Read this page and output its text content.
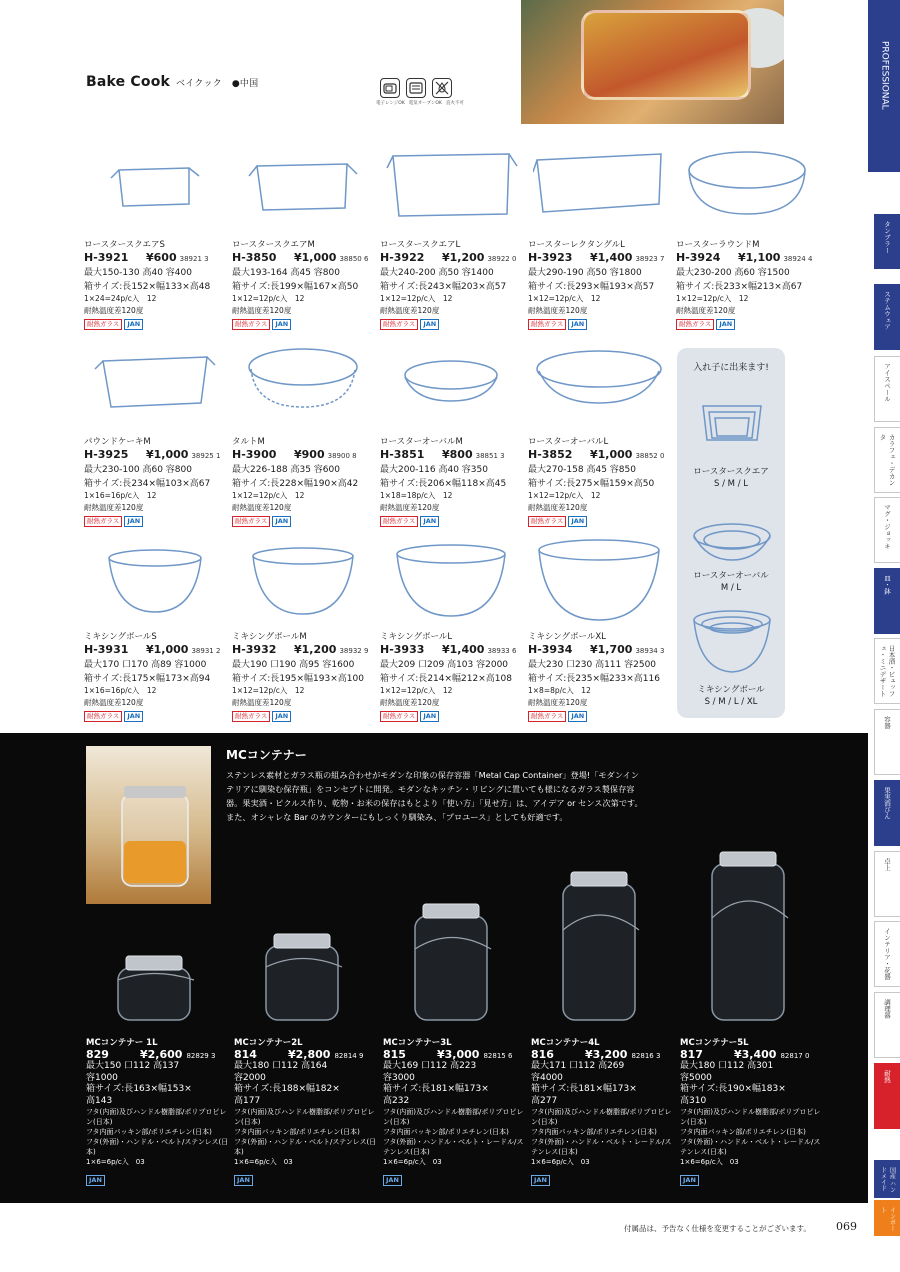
Bake Cook ベイクック ●中国
電子レンジOK 電気オーブンOK 直火不可	PROFESSIONAL
タンブラー
ステムウェア
アイスペール
カラフェ・デカンタ
マグ・ジョッキ
皿・鉢
日本酒・ビュッフェ・ミニデザート
容器
果実酒びん
卓上
インテリア・花器
調理器
耐熱
国産 ハンドメイド
インポート
ロースタースクエアS
H-3921	¥600 38921 3
最大150-130 高40 容400
箱サイズ:長152×幅133×高48
1×24=24p/c入　12
耐熱温度差120度
耐熱ガラス	JAN
ロースタースクエアM
H-3850	¥1,000 38850 6
最大193-164 高45 容800
箱サイズ:長199×幅167×高50
1×12=12p/c入　12
耐熱温度差120度
耐熱ガラス	JAN
ロースタースクエアL
H-3922	¥1,200 38922 0
最大240-200 高50 容1400
箱サイズ:長243×幅203×高57
1×12=12p/c入　12
耐熱温度差120度
耐熱ガラス	JAN
ロースターレクタングルL
H-3923	¥1,400 38923 7
最大290-190 高50 容1800
箱サイズ:長293×幅193×高57
1×12=12p/c入　12
耐熱温度差120度
耐熱ガラス	JAN
ロースターラウンドM
H-3924	¥1,100 38924 4
最大230-200 高60 容1500
箱サイズ:長233×幅213×高67
1×12=12p/c入　12
耐熱温度差120度
耐熱ガラス	JAN
パウンドケーキM
H-3925	¥1,000 38925 1
最大230-100 高60 容800
箱サイズ:長234×幅103×高67
1×16=16p/c入　12
耐熱温度差120度
耐熱ガラス	JAN
タルトM
H-3900	¥900 38900 8
最大226-188 高35 容600
箱サイズ:長228×幅190×高42
1×12=12p/c入　12
耐熱温度差120度
耐熱ガラス	JAN
ロースターオーバルM
H-3851	¥800 38851 3
最大200-116 高40 容350
箱サイズ:長206×幅118×高45
1×18=18p/c入　12
耐熱温度差120度
耐熱ガラス	JAN
ロースターオーバルL
H-3852	¥1,000 38852 0
最大270-158 高45 容850
箱サイズ:長275×幅159×高50
1×12=12p/c入　12
耐熱温度差120度
耐熱ガラス	JAN
ミキシングボールS
H-3931	¥1,000 38931 2
最大170 口170 高89 容1000
箱サイズ:長175×幅173×高94
1×16=16p/c入　12
耐熱温度差120度
耐熱ガラス	JAN
ミキシングボールM
H-3932	¥1,200 38932 9
最大190 口190 高95 容1600
箱サイズ:長195×幅193×高100
1×12=12p/c入　12
耐熱温度差120度
耐熱ガラス	JAN
ミキシングボールL
H-3933	¥1,400 38933 6
最大209 口209 高103 容2000
箱サイズ:長214×幅212×高108
1×12=12p/c入　12
耐熱温度差120度
耐熱ガラス	JAN
ミキシングボールXL
H-3934	¥1,700 38934 3
最大230 口230 高111 容2500
箱サイズ:長235×幅233×高116
1×8=8p/c入　12
耐熱温度差120度
耐熱ガラス	JAN
入れ子に出来ます!
ロースタースクエア
S / M / L
ロースターオーバル
M / L
ミキシングボール
S / M / L / XL
MCコンテナー
ステンレス素材とガラス瓶の組み合わせがモダンな印象の保存容器「Metal Cap Container」登場!「モダンインテリアに馴染む保存瓶」をコンセプトに開発。モダンなキッチン・リビングに置いても様になるガラス製保存容器。果実酒・ピクルス作り、乾物・お米の保存はもとより「使い方」「見せ方」は、アイデア or センス次第です。また、オシャレな Bar のカウンターにもしっくり馴染み、「プロユース」としても好適です。
MCコンテナー 1L
829	¥2,600 82829 3
最大150 口112 高137
容1000
箱サイズ:長163×幅153×
高143
フタ(内面)及びハンドル樹脂部/ポリプロピレン(日本)
フタ内面パッキン部/ポリエチレン(日本)
フタ(外面)・ハンドル・ベルト/ステンレス(日本)
1×6=6p/c入　03
JAN
MCコンテナー2L
814	¥2,800 82814 9
最大180 口112 高164
容2000
箱サイズ:長188×幅182×
高177
フタ(内面)及びハンドル樹脂部/ポリプロピレン(日本)
フタ内面パッキン部/ポリエチレン(日本)
フタ(外面)・ハンドル・ベルト/ステンレス(日本)
1×6=6p/c入　03
JAN
MCコンテナー3L
815	¥3,000 82815 6
最大169 口112 高223
容3000
箱サイズ:長181×幅173×
高232
フタ(内面)及びハンドル樹脂部/ポリプロピレン(日本)
フタ内面パッキン部/ポリエチレン(日本)
フタ(外面)・ハンドル・ベルト・レードル/ステンレス(日本)
1×6=6p/c入　03
JAN
MCコンテナー4L
816	¥3,200 82816 3
最大171 口112 高269
容4000
箱サイズ:長181×幅173×
高277
フタ(内面)及びハンドル樹脂部/ポリプロピレン(日本)
フタ内面パッキン部/ポリエチレン(日本)
フタ(外面)・ハンドル・ベルト・レードル/ステンレス(日本)
1×6=6p/c入　03
JAN
MCコンテナー5L
817	¥3,400 82817 0
最大180 口112 高301
容5000
箱サイズ:長190×幅183×
高310
フタ(内面)及びハンドル樹脂部/ポリプロピレン(日本)
フタ内面パッキン部/ポリエチレン(日本)
フタ(外面)・ハンドル・ベルト・レードル/ステンレス(日本)
1×6=6p/c入　03
JAN
付属品は、予告なく仕様を変更することがございます。 069
